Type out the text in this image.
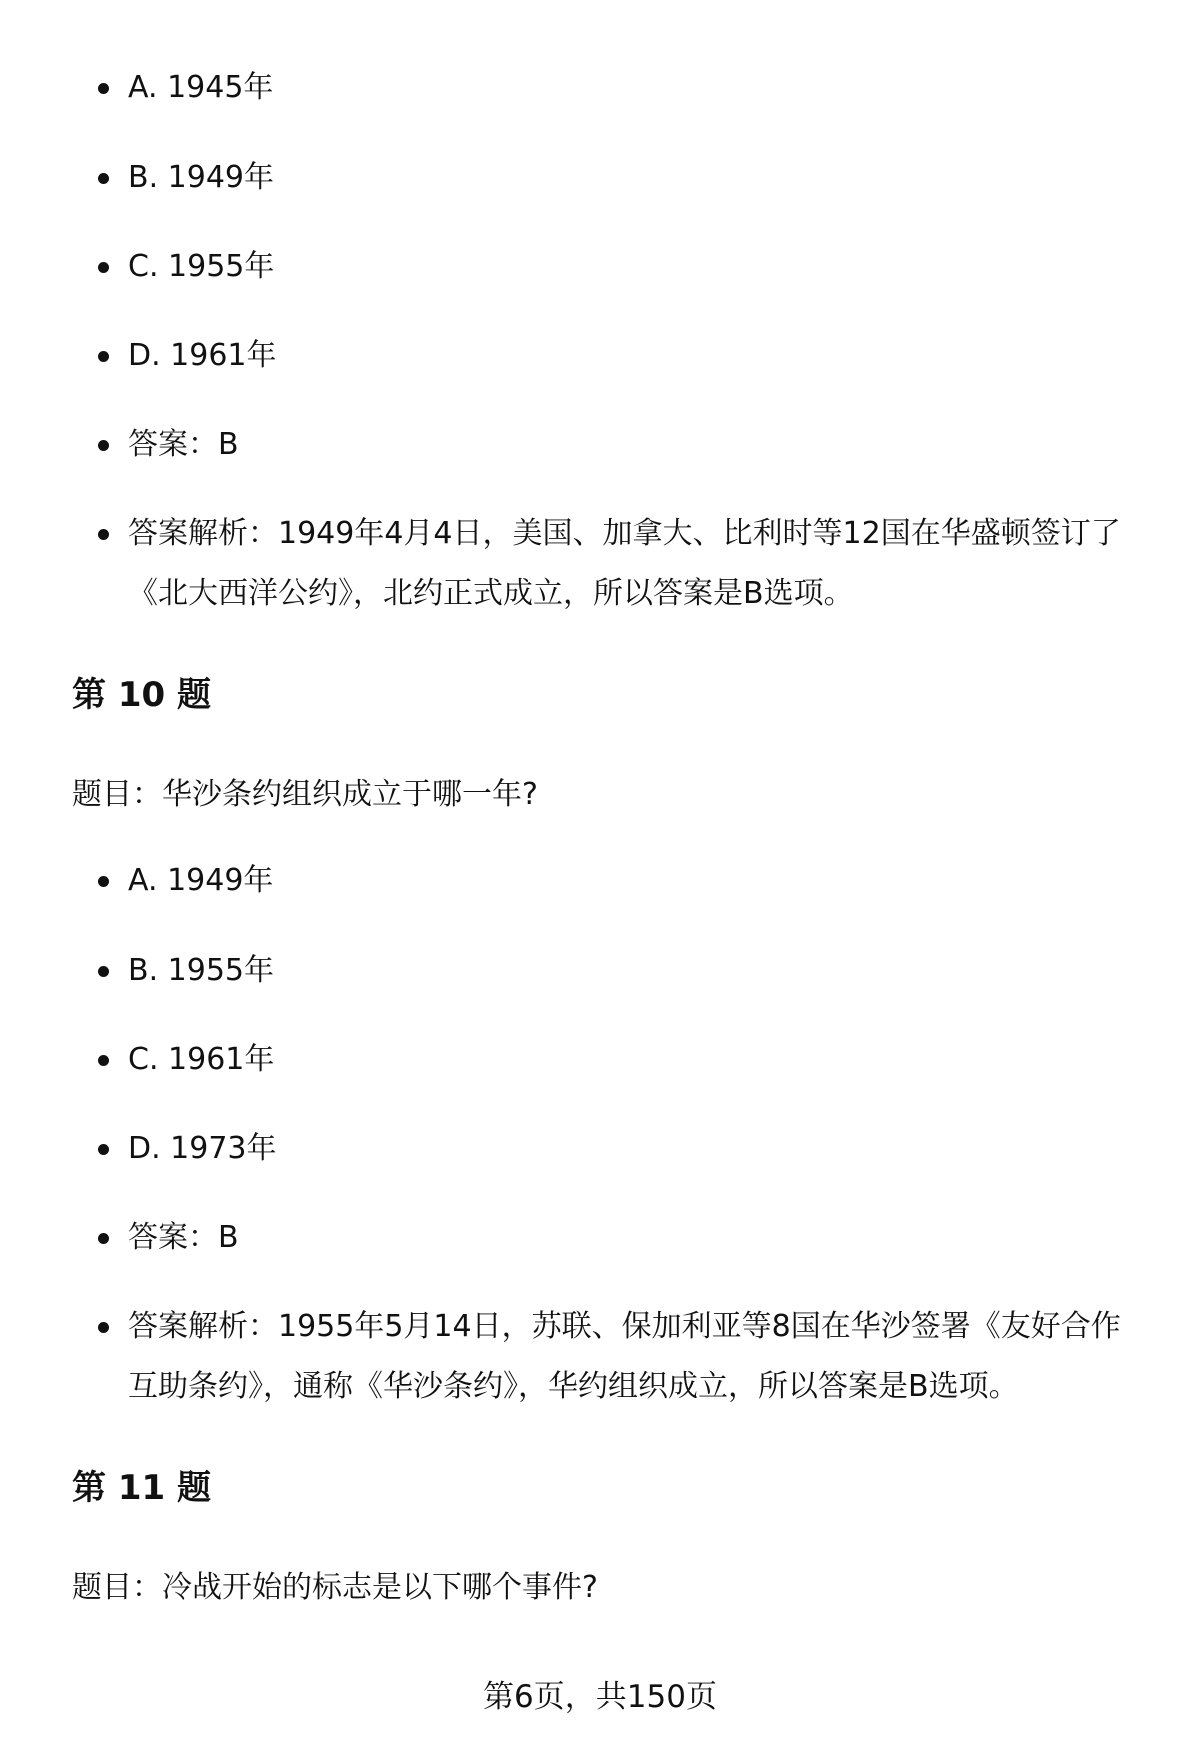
A. 1945年
B. 1949年
C. 1955年
D. 1961年
答案：B
答案解析：1949年4月4日，美国、加拿大、比利时等12国在华盛顿签订了《北大西洋公约》，北约正式成立，所以答案是B选项。
第 10 题
题目：华沙条约组织成立于哪一年?
A. 1949年
B. 1955年
C. 1961年
D. 1973年
答案：B
答案解析：1955年5月14日，苏联、保加利亚等8国在华沙签署《友好合作互助条约》，通称《华沙条约》，华约组织成立，所以答案是B选项。
第 11 题
题目：冷战开始的标志是以下哪个事件?
第6页，共150页
